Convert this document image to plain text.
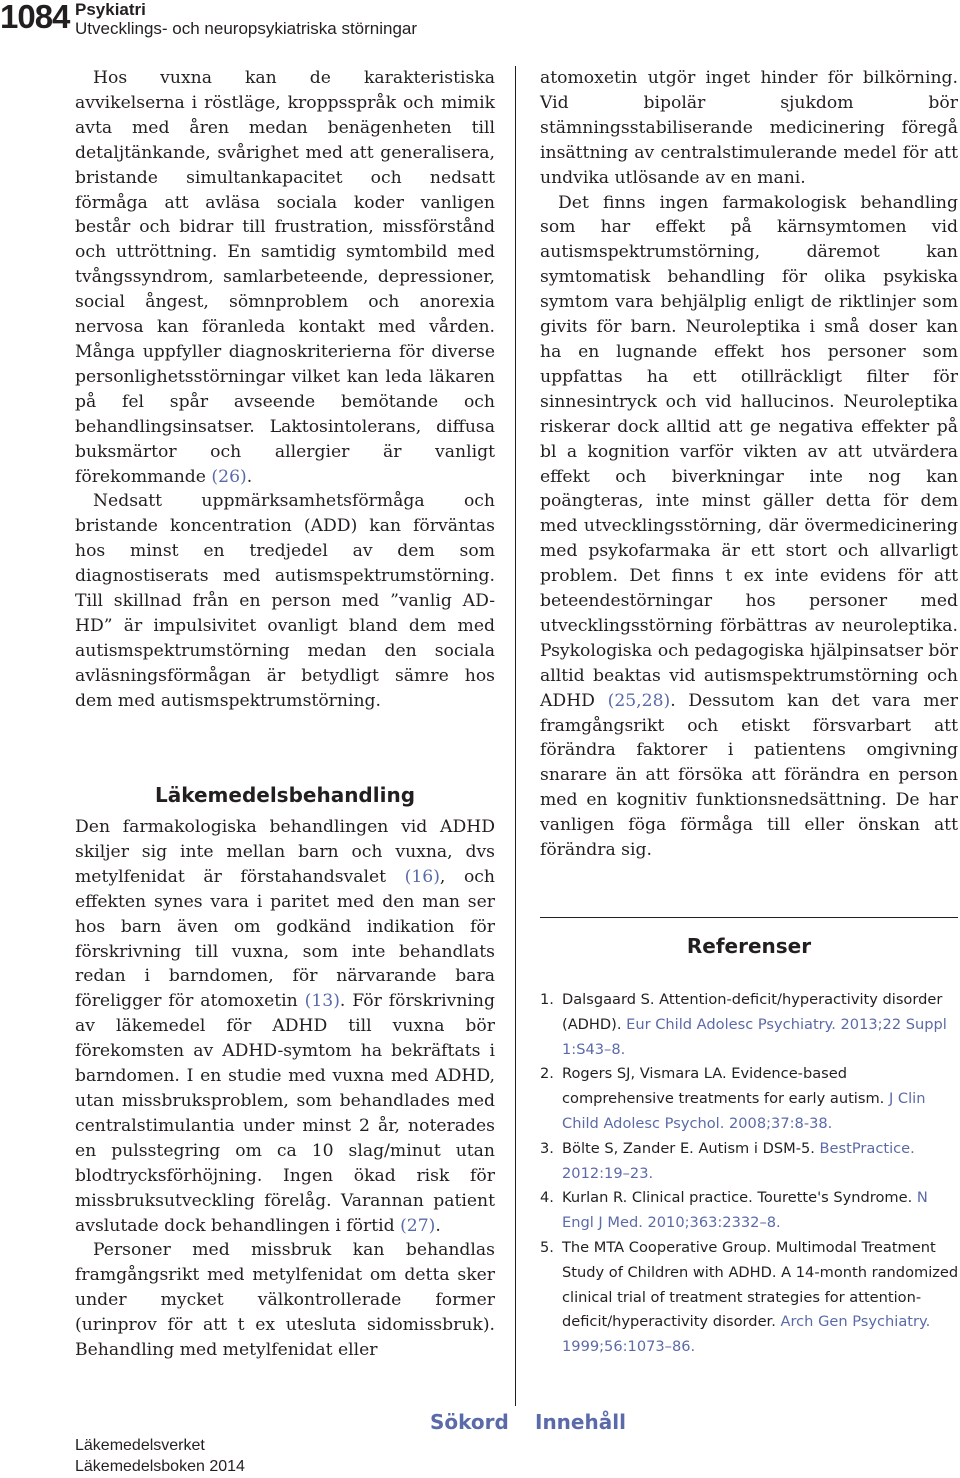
1084 Psykiatri
Utvecklings- och neuropsykiatriska störningar

Hos vuxna kan de karakteristiska avvikelserna i röstläge, kroppsspråk och mimik avta med åren medan benägenheten till detaljtänkande, svårighet med att generalisera, bristande simultankapacitet och nedsatt förmåga att avläsa sociala koder vanligen består och bidrar till frustration, missförstånd och uttröttning. En samtidig symtombild med tvångssyndrom, samlarbeteende, depressioner, social ångest, sömnproblem och anorexia nervosa kan föranleda kontakt med vården. Många uppfyller diagnoskriterierna för diverse personlighetsstörningar vilket kan leda läkaren på fel spår avseende bemötande och behandlingsinsatser. Laktosintolerans, diffusa buksmärtor och allergier är vanligt förekommande (26).

Nedsatt uppmärksamhetsförmåga och bristande koncentration (ADD) kan förväntas hos minst en tredjedel av dem som diagnostiserats med autismspektrumstörning. Till skillnad från en person med ”vanlig AD-HD” är impulsivitet ovanligt bland dem med autismspektrumstörning medan den sociala avläsningsförmågan är betydligt sämre hos dem med autismspektrumstörning.

Läkemedelsbehandling

Den farmakologiska behandlingen vid ADHD skiljer sig inte mellan barn och vuxna, dvs metylfenidat är förstahandsvalet (16), och effekten synes vara i paritet med den man ser hos barn även om godkänd indikation för förskrivning till vuxna, som inte behandlats redan i barndomen, för närvarande bara föreligger för atomoxetin (13). För förskrivning av läkemedel för ADHD till vuxna bör förekomsten av ADHD-symtom ha bekräftats i barndomen. I en studie med vuxna med ADHD, utan missbruksproblem, som behandlades med centralstimulantia under minst 2 år, noterades en pulsstegring om ca 10 slag/minut utan blodtrycksförhöjning. Ingen ökad risk för missbruksutveckling förelåg. Varannan patient avslutade dock behandlingen i förtid (27).

Personer med missbruk kan behandlas framgångsrikt med metylfenidat om detta sker under mycket välkontrollerade former (urinprov för att t ex utesluta sidomissbruk). Behandling med metylfenidat eller

atomoxetin utgör inget hinder för bilkörning. Vid bipolär sjukdom bör stämningsstabiliserande medicinering föregå insättning av centralstimulerande medel för att undvika utlösande av en mani.

Det finns ingen farmakologisk behandling som har effekt på kärnsymtomen vid autismspektrumstörning, däremot kan symtomatisk behandling för olika psykiska symtom vara behjälplig enligt de riktlinjer som givits för barn. Neuroleptika i små doser kan ha en lugnande effekt hos personer som uppfattas ha ett otillräckligt filter för sinnesintryck och vid hallucinos. Neuroleptika riskerar dock alltid att ge negativa effekter på bl a kognition varför vikten av att utvärdera effekt och biverkningar inte nog kan poängteras, inte minst gäller detta för dem med utvecklingsstörning, där övermedicinering med psykofarmaka är ett stort och allvarligt problem. Det finns t ex inte evidens för att beteendestörningar hos personer med utvecklingsstörning förbättras av neuroleptika. Psykologiska och pedagogiska hjälpinsatser bör alltid beaktas vid autismspektrumstörning och ADHD (25,28). Dessutom kan det vara mer framgångsrikt och etiskt försvarbart att förändra faktorer i patientens omgivning snarare än att försöka att förändra en person med en kognitiv funktionsnedsättning. De har vanligen föga förmåga till eller önskan att förändra sig.

Referenser
1. Dalsgaard S. Attention-deficit/hyperactivity disorder (ADHD). Eur Child Adolesc Psychiatry. 2013;22 Suppl 1:S43–8.
2. Rogers SJ, Vismara LA. Evidence-based comprehensive treatments for early autism. J Clin Child Adolesc Psychol. 2008;37:8-38.
3. Bölte S, Zander E. Autism i DSM-5. BestPractice. 2012:19–23.
4. Kurlan R. Clinical practice. Tourette's Syndrome. N Engl J Med. 2010;363:2332–8.
5. The MTA Cooperative Group. Multimodal Treatment Study of Children with ADHD. A 14-month randomized clinical trial of treatment strategies for attention-deficit/hyperactivity disorder. Arch Gen Psychiatry. 1999;56:1073–86.
Sökord Innehåll
Läkemedelsverket
Läkemedelsboken 2014
